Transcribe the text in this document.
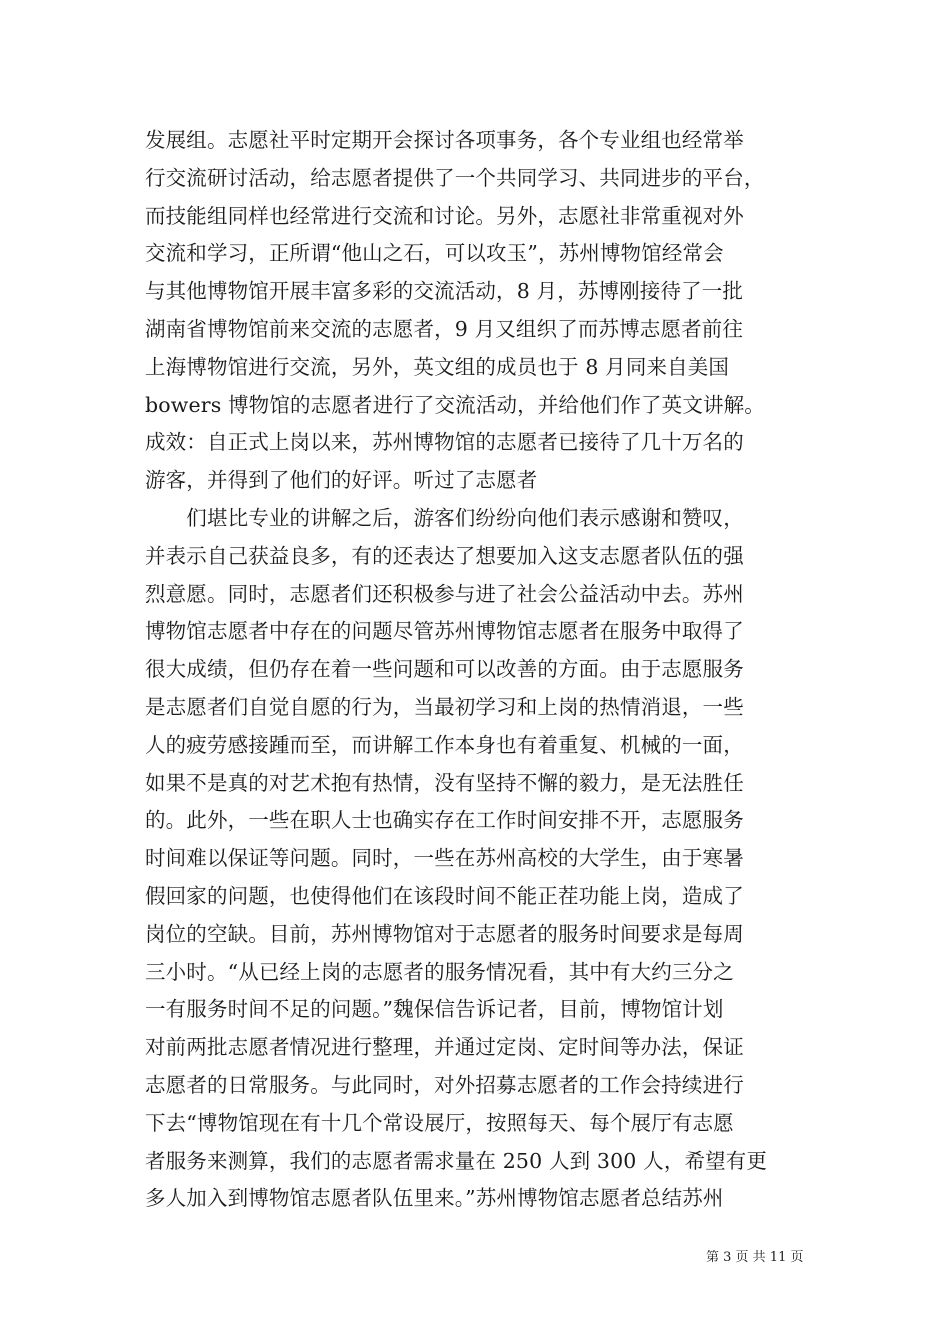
发展组。志愿社平时定期开会探讨各项事务，各个专业组也经常举
行交流研讨活动，给志愿者提供了一个共同学习、共同进步的平台，
而技能组同样也经常进行交流和讨论。另外，志愿社非常重视对外
交流和学习，正所谓“他山之石，可以攻玉”，苏州博物馆经常会
与其他博物馆开展丰富多彩的交流活动，8 月，苏博刚接待了一批
湖南省博物馆前来交流的志愿者，9 月又组织了而苏博志愿者前往
上海博物馆进行交流，另外，英文组的成员也于 8 月同来自美国
bowers 博物馆的志愿者进行了交流活动，并给他们作了英文讲解。
成效：自正式上岗以来，苏州博物馆的志愿者已接待了几十万名的
游客，并得到了他们的好评。听过了志愿者
　　们堪比专业的讲解之后，游客们纷纷向他们表示感谢和赞叹，
并表示自己获益良多，有的还表达了想要加入这支志愿者队伍的强
烈意愿。同时，志愿者们还积极参与进了社会公益活动中去。苏州
博物馆志愿者中存在的问题尽管苏州博物馆志愿者在服务中取得了
很大成绩，但仍存在着一些问题和可以改善的方面。由于志愿服务
是志愿者们自觉自愿的行为，当最初学习和上岗的热情消退，一些
人的疲劳感接踵而至，而讲解工作本身也有着重复、机械的一面，
如果不是真的对艺术抱有热情，没有坚持不懈的毅力，是无法胜任
的。此外，一些在职人士也确实存在工作时间安排不开，志愿服务
时间难以保证等问题。同时，一些在苏州高校的大学生，由于寒暑
假回家的问题，也使得他们在该段时间不能正茬功能上岗，造成了
岗位的空缺。目前，苏州博物馆对于志愿者的服务时间要求是每周
三小时。“从已经上岗的志愿者的服务情况看，其中有大约三分之
一有服务时间不足的问题。”魏保信告诉记者，目前，博物馆计划
对前两批志愿者情况进行整理，并通过定岗、定时间等办法，保证
志愿者的日常服务。与此同时，对外招募志愿者的工作会持续进行
下去“博物馆现在有十几个常设展厅，按照每天、每个展厅有志愿
者服务来测算，我们的志愿者需求量在 250 人到 300 人，希望有更
多人加入到博物馆志愿者队伍里来。”苏州博物馆志愿者总结苏州
第 3 页 共 11 页
